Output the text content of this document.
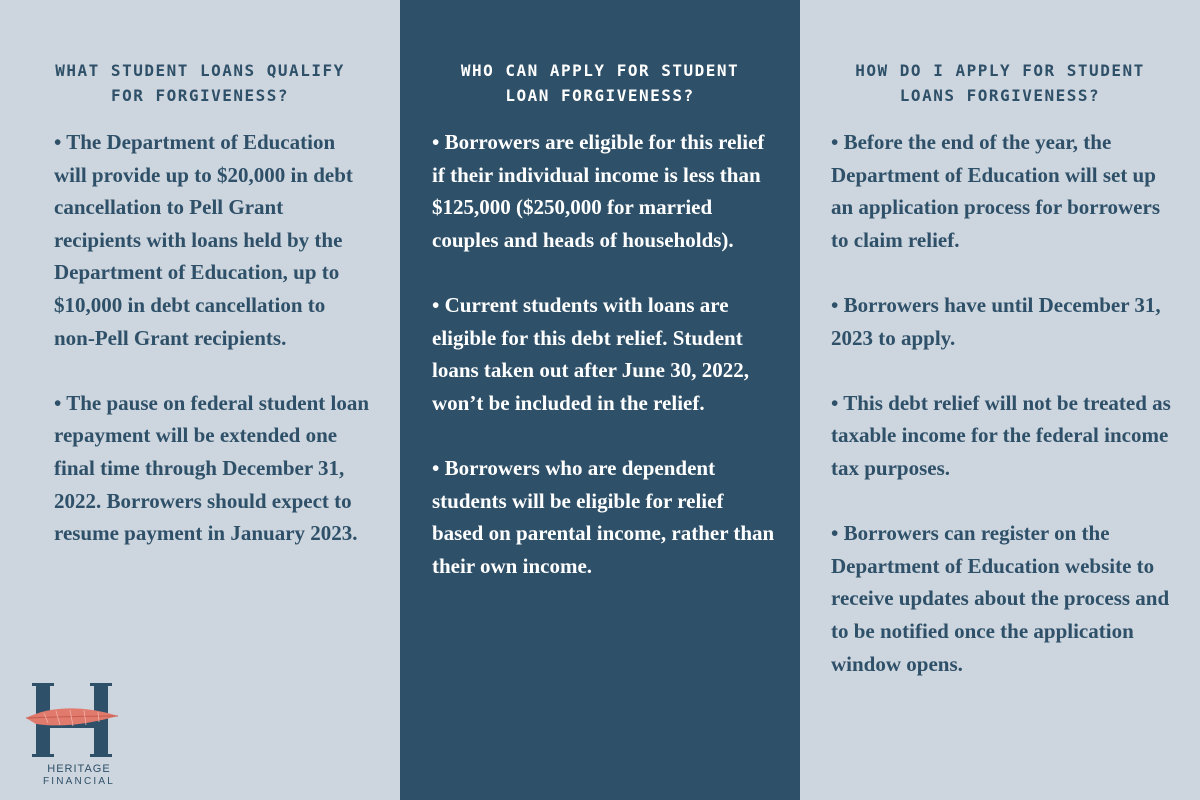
WHAT STUDENT LOANS QUALIFY FOR FORGIVENESS?

• The Department of Education will provide up to $20,000 in debt cancellation to Pell Grant recipients with loans held by the Department of Education, up to $10,000 in debt cancellation to non-Pell Grant recipients.

• The pause on federal student loan repayment will be extended one final time through December 31, 2022. Borrowers should expect to resume payment in January 2023.

HERITAGE
FINANCIAL
WHO CAN APPLY FOR STUDENT LOAN FORGIVENESS?

• Borrowers are eligible for this relief if their individual income is less than $125,000 ($250,000 for married couples and heads of households).

• Current students with loans are eligible for this debt relief. Student loans taken out after June 30, 2022, won’t be included in the relief.

• Borrowers who are dependent students will be eligible for relief based on parental income, rather than their own income.

HOW DO I APPLY FOR STUDENT LOANS FORGIVENESS?

• Before the end of the year, the Department of Education will set up an application process for borrowers to claim relief.

• Borrowers have until December 31, 2023 to apply.

• This debt relief will not be treated as taxable income for the federal income tax purposes.

• Borrowers can register on the Department of Education website to receive updates about the process and to be notified once the application window opens.
